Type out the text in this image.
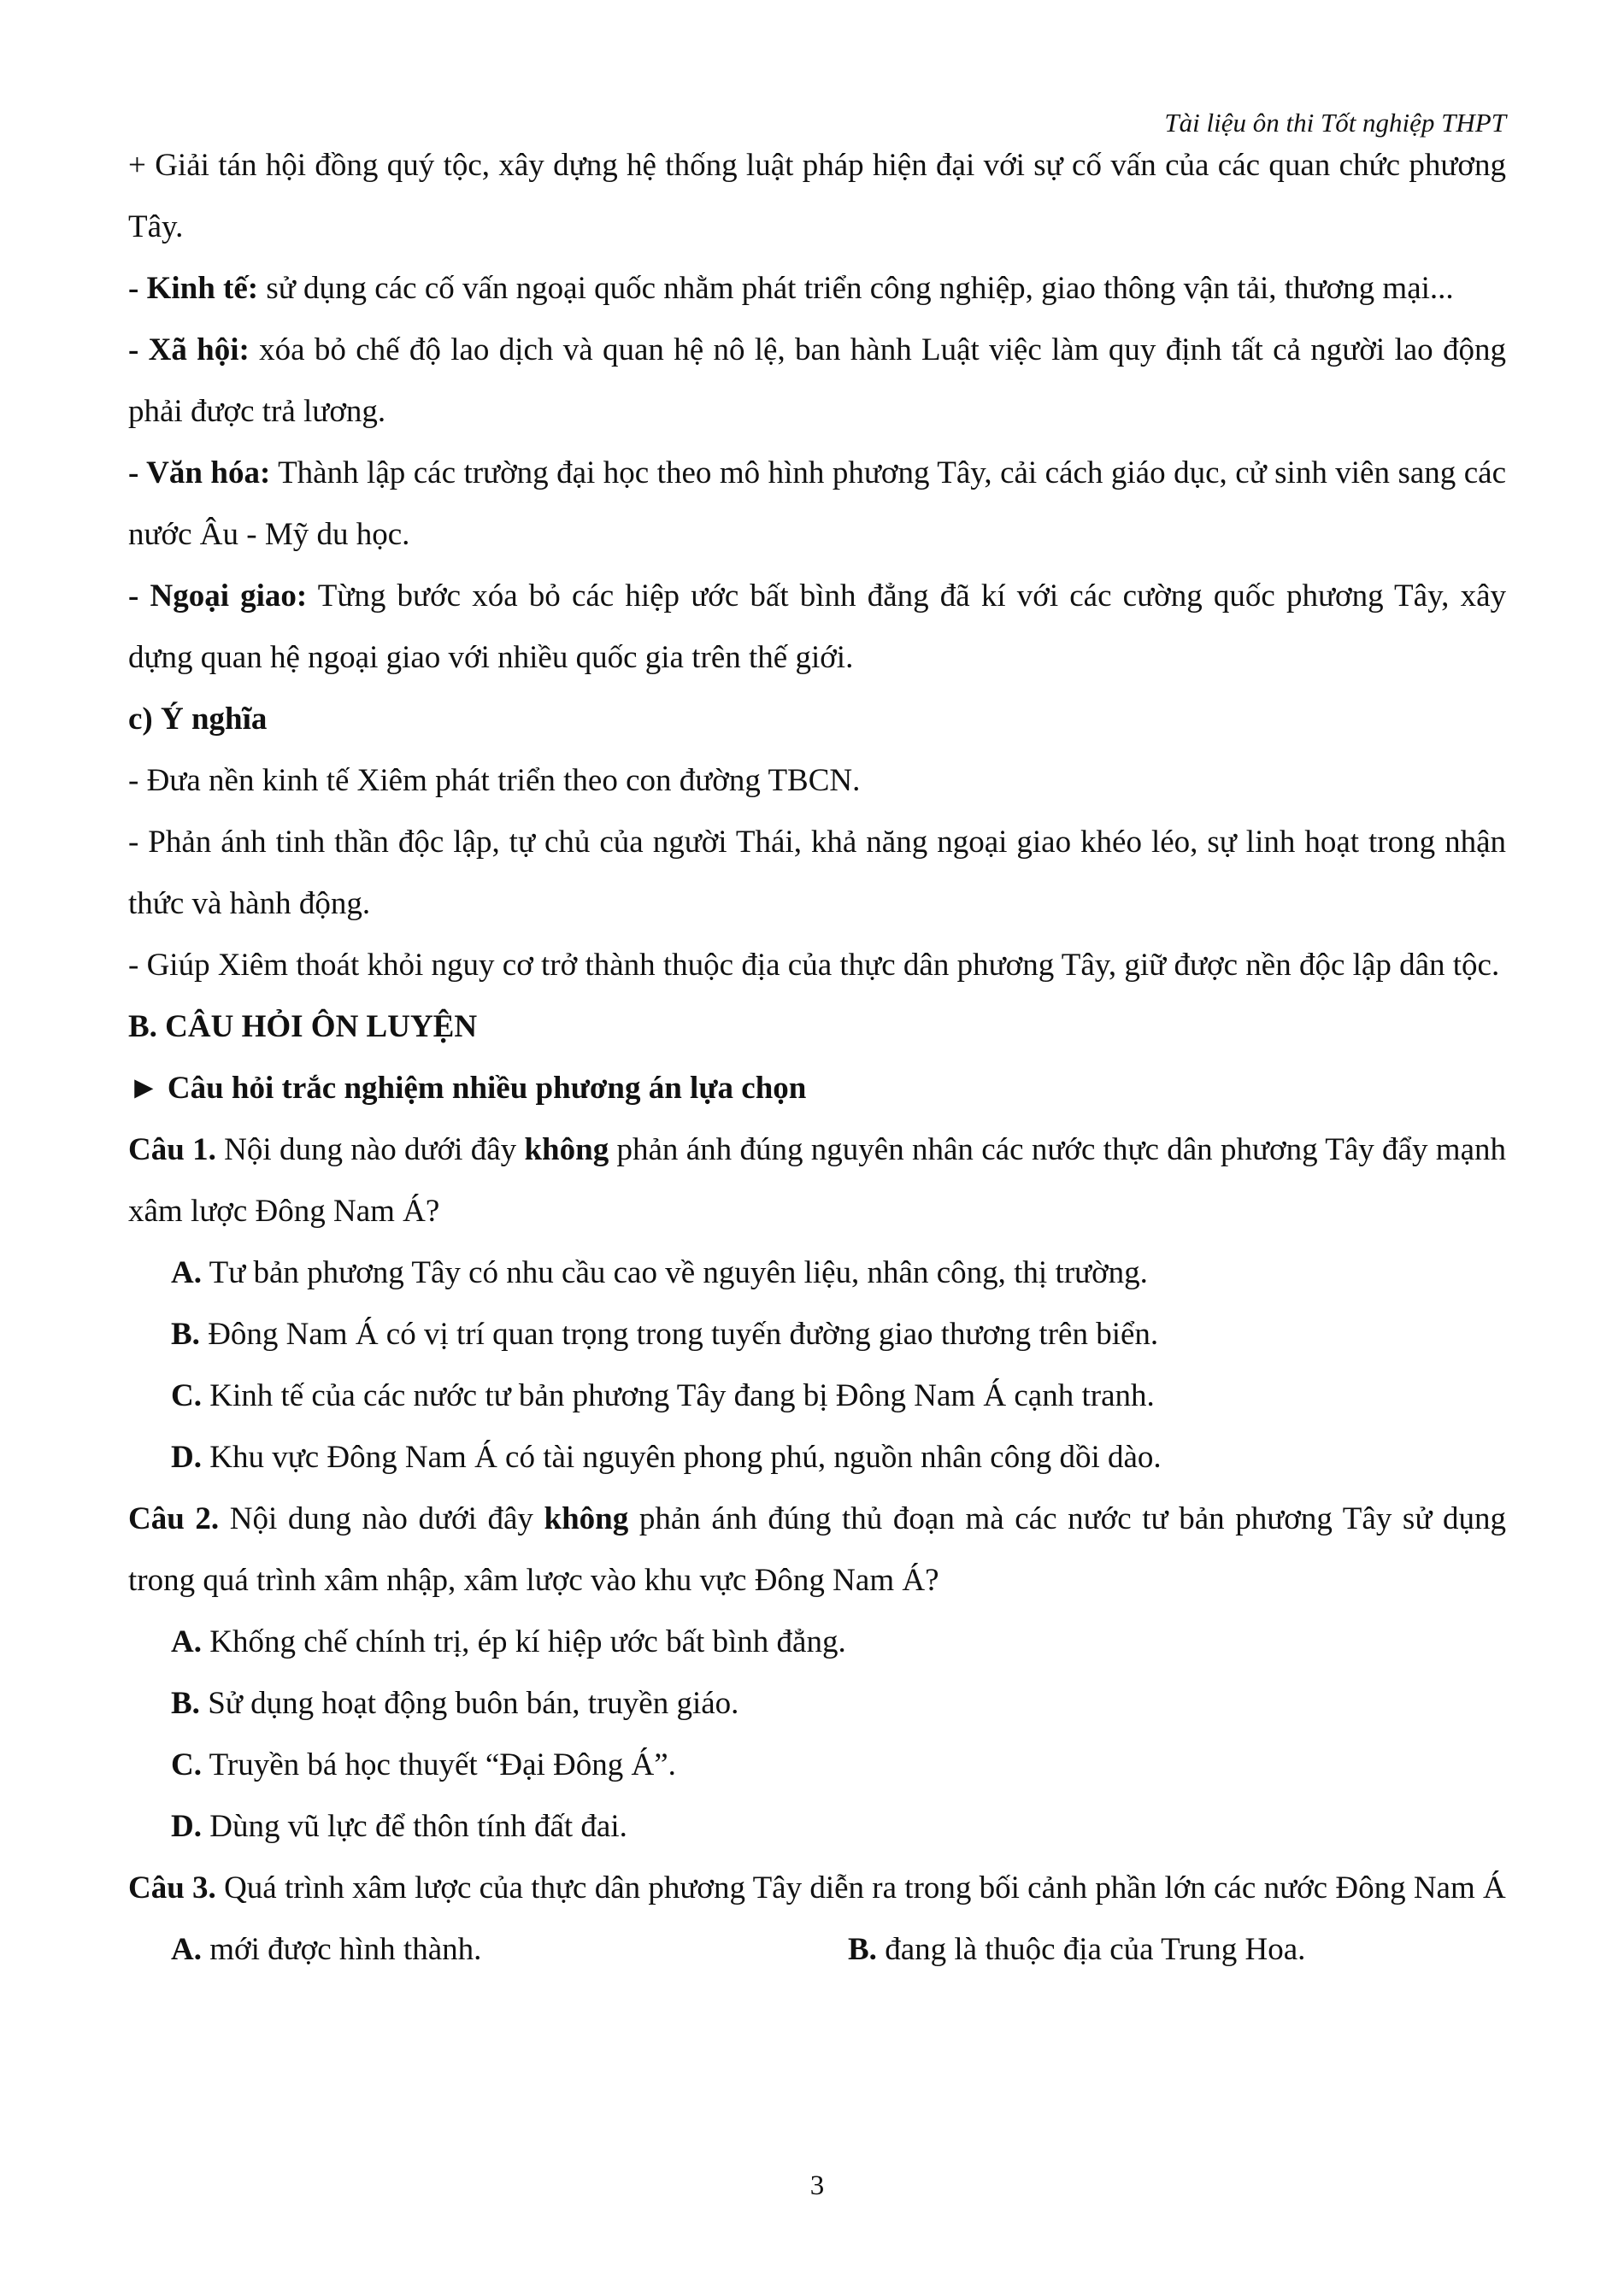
Tài liệu ôn thi Tốt nghiệp THPT

+ Giải tán hội đồng quý tộc, xây dựng hệ thống luật pháp hiện đại với sự cố vấn của các quan chức phương Tây.

- Kinh tế: sử dụng các cố vấn ngoại quốc nhằm phát triển công nghiệp, giao thông vận tải, thương mại...

- Xã hội: xóa bỏ chế độ lao dịch và quan hệ nô lệ, ban hành Luật việc làm quy định tất cả người lao động phải được trả lương.

- Văn hóa: Thành lập các trường đại học theo mô hình phương Tây, cải cách giáo dục, cử sinh viên sang các nước Âu - Mỹ du học.

- Ngoại giao: Từng bước xóa bỏ các hiệp ước bất bình đẳng đã kí với các cường quốc phương Tây, xây dựng quan hệ ngoại giao với nhiều quốc gia trên thế giới.

c) Ý nghĩa

- Đưa nền kinh tế Xiêm phát triển theo con đường TBCN.

- Phản ánh tinh thần độc lập, tự chủ của người Thái, khả năng ngoại giao khéo léo, sự linh hoạt trong nhận thức và hành động.

- Giúp Xiêm thoát khỏi nguy cơ trở thành thuộc địa của thực dân phương Tây, giữ được nền độc lập dân tộc.

B. CÂU HỎI ÔN LUYỆN

► Câu hỏi trắc nghiệm nhiều phương án lựa chọn

Câu 1. Nội dung nào dưới đây không phản ánh đúng nguyên nhân các nước thực dân phương Tây đẩy mạnh xâm lược Đông Nam Á?

A. Tư bản phương Tây có nhu cầu cao về nguyên liệu, nhân công, thị trường.

B. Đông Nam Á có vị trí quan trọng trong tuyến đường giao thương trên biển.

C. Kinh tế của các nước tư bản phương Tây đang bị Đông Nam Á cạnh tranh.

D. Khu vực Đông Nam Á có tài nguyên phong phú, nguồn nhân công dồi dào.

Câu 2. Nội dung nào dưới đây không phản ánh đúng thủ đoạn mà các nước tư bản phương Tây sử dụng trong quá trình xâm nhập, xâm lược vào khu vực Đông Nam Á?

A. Khống chế chính trị, ép kí hiệp ước bất bình đẳng.

B. Sử dụng hoạt động buôn bán, truyền giáo.

C. Truyền bá học thuyết “Đại Đông Á”.

D. Dùng vũ lực để thôn tính đất đai.

Câu 3. Quá trình xâm lược của thực dân phương Tây diễn ra trong bối cảnh phần lớn các nước Đông Nam Á

A. mới được hình thành.	B. đang là thuộc địa của Trung Hoa.
3
